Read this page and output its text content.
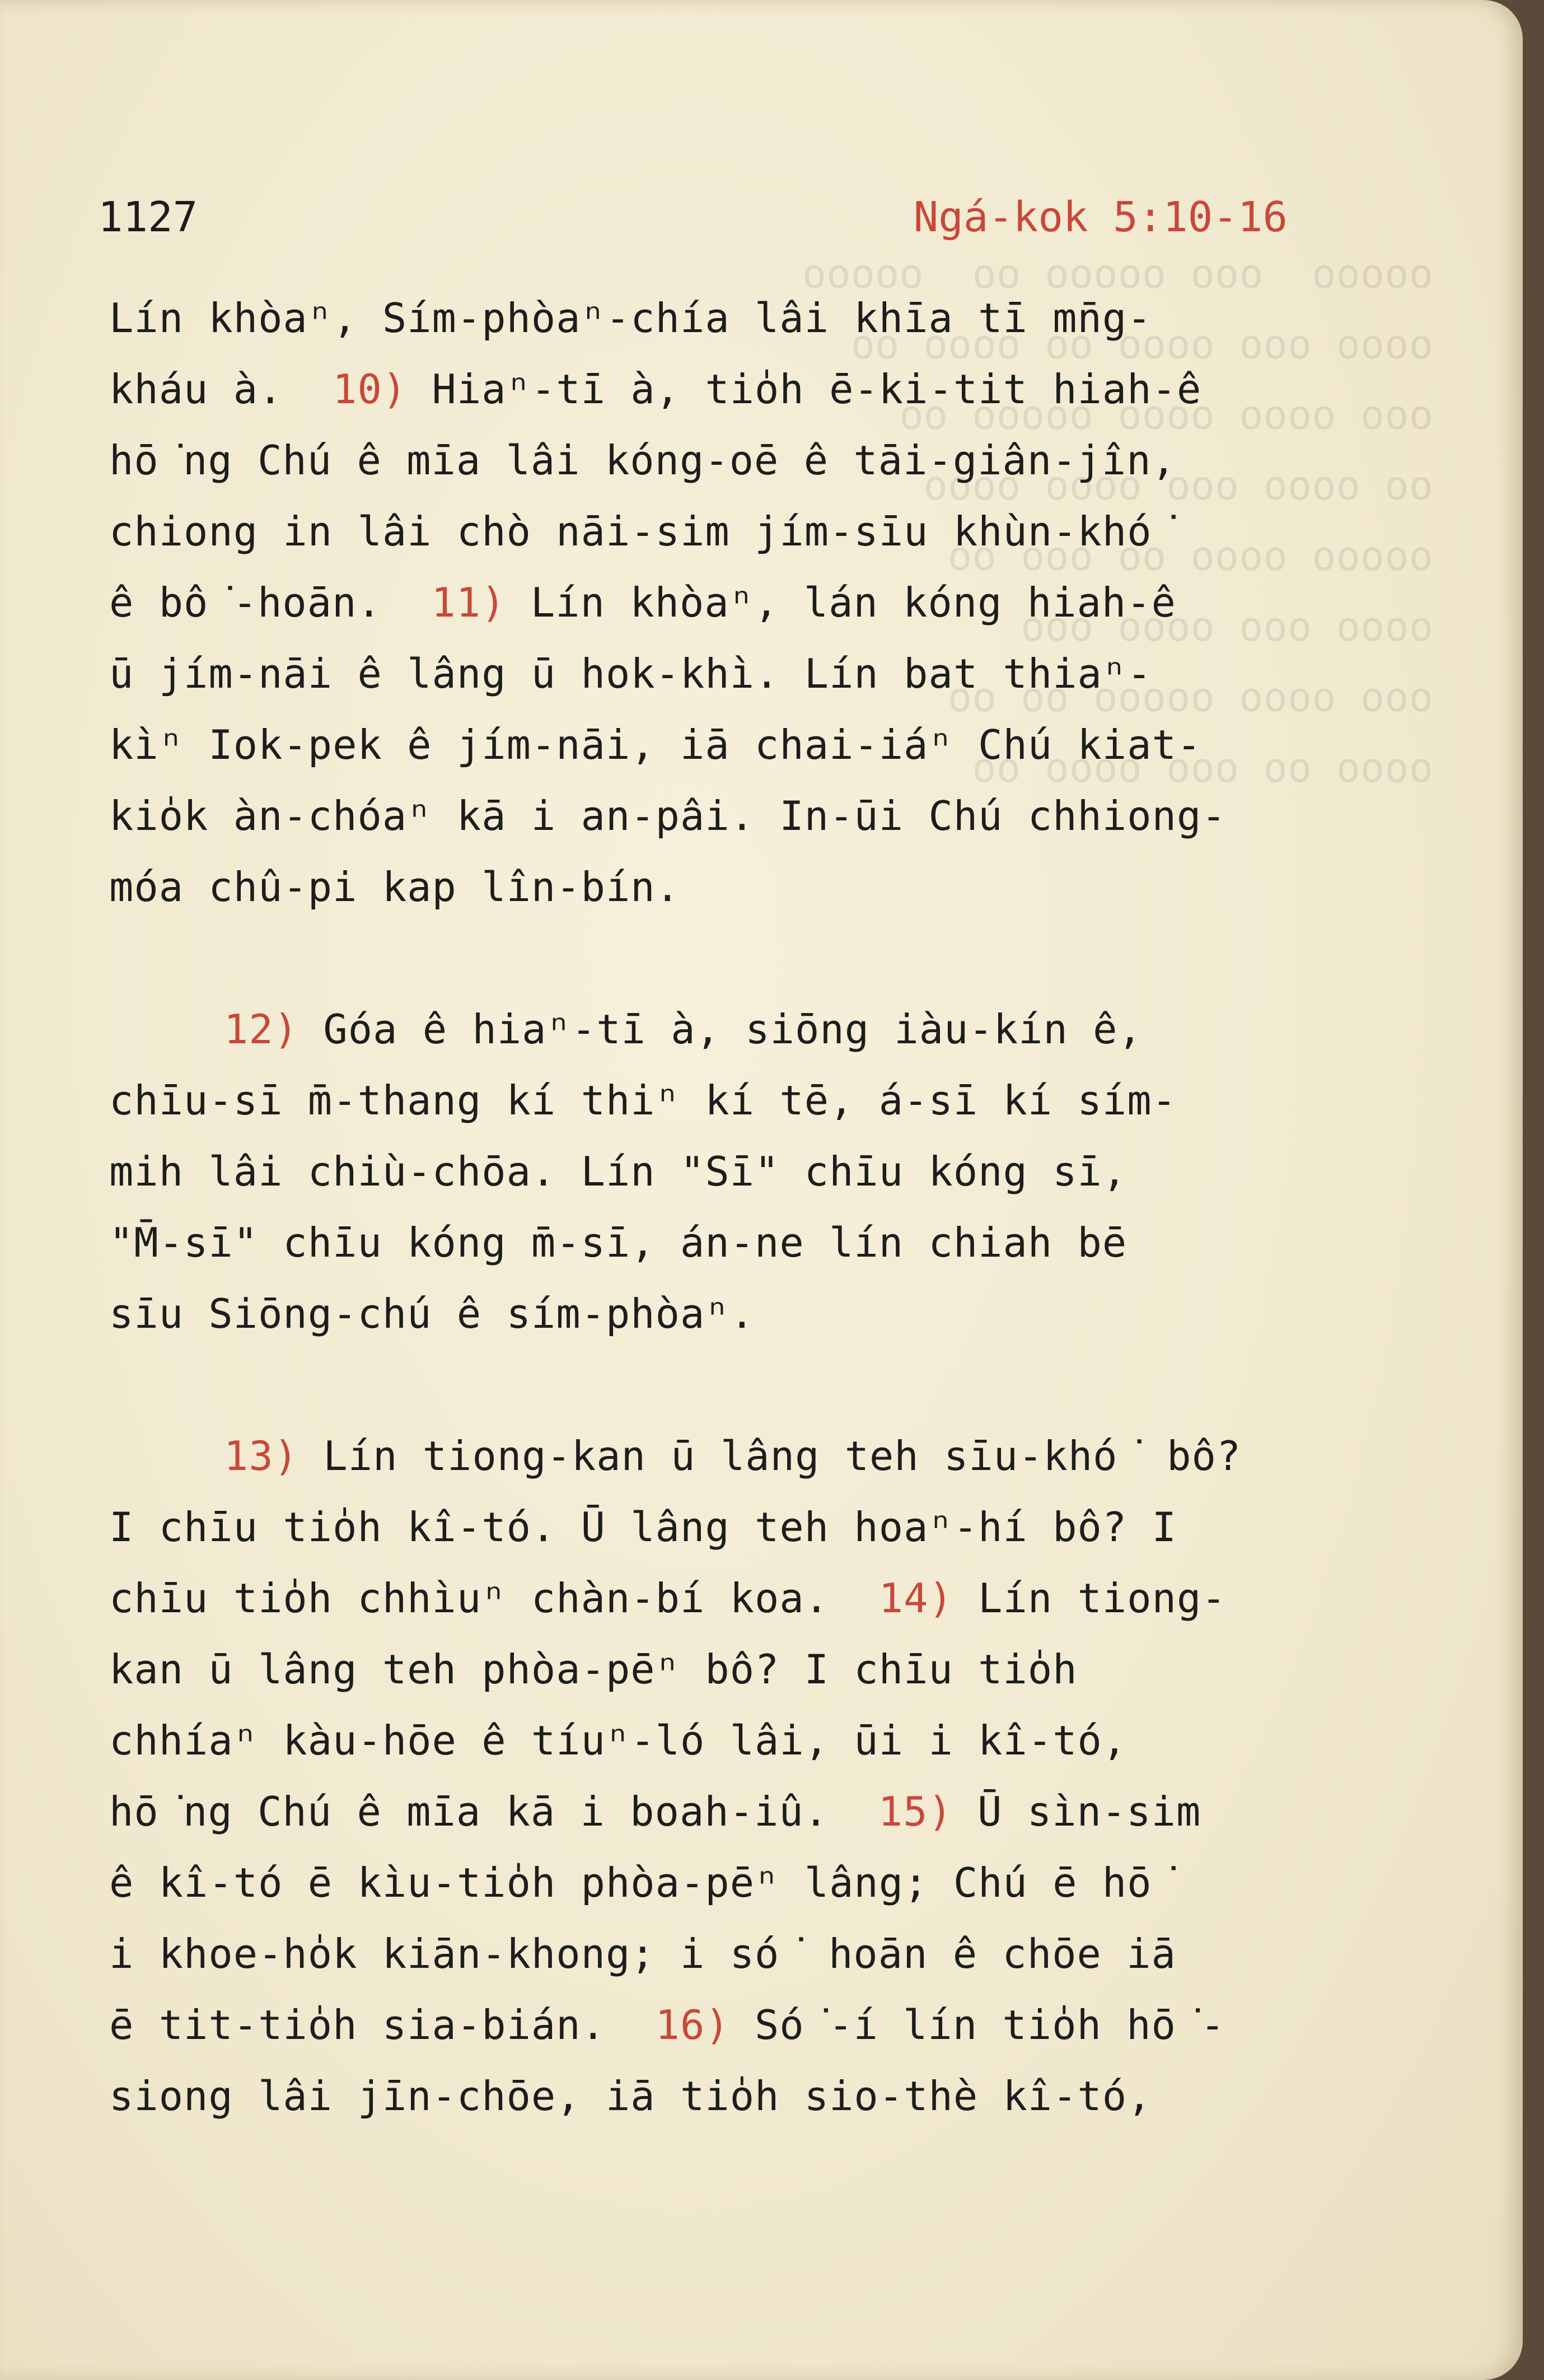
ooooo  ooo ooooo oo  ooooo
oooo ooo oooo oo oooo oo
ooo oooo oooo ooooo oo
oo oooo ooo oooo oooo
ooooo oooo oo ooo oo
oooo ooo oooo ooo
ooo oooo ooooo oo oo
oooo oo ooo oooo oo

1127	Ngá-kok 5:10-16
Lín khòaⁿ, Sím-phòaⁿ-chía lâi khīa tī mn̄g-
kháu à.  10) Hiaⁿ-tī à, tio̍h ē-ki-tit hiah-ê
hō͘ng Chú ê mīa lâi kóng-oē ê tāi-giân-jîn,
chiong in lâi chò nāi-sim jím-sīu khùn-khó͘
ê bô͘-hoān.  11) Lín khòaⁿ, lán kóng hiah-ê
ū jím-nāi ê lâng ū hok-khì. Lín bat thiaⁿ-
kìⁿ Iok-pek ê jím-nāi, iā chai-iáⁿ Chú kiat-
kio̍k àn-chóaⁿ kā i an-pâi. In-ūi Chú chhiong-
móa chû-pi kap lîn-bín.
12) Góa ê hiaⁿ-tī à, siōng iàu-kín ê,
chīu-sī m̄-thang kí thiⁿ kí tē, á-sī kí sím-
mih lâi chiù-chōa. Lín "Sī" chīu kóng sī,
"M̄-sī" chīu kóng m̄-sī, án-ne lín chiah bē
sīu Siōng-chú ê sím-phòaⁿ.
13) Lín tiong-kan ū lâng teh sīu-khó͘ bô?
I chīu tio̍h kî-tó. Ū lâng teh hoaⁿ-hí bô? I
chīu tio̍h chhìuⁿ chàn-bí koa.  14) Lín tiong-
kan ū lâng teh phòa-pēⁿ bô? I chīu tio̍h
chhíaⁿ kàu-hōe ê tíuⁿ-ló lâi, ūi i kî-tó,
hō͘ng Chú ê mīa kā i boah-iû.  15) Ū sìn-sim
ê kî-tó ē kìu-tio̍h phòa-pēⁿ lâng; Chú ē hō͘
i khoe-ho̍k kiān-khong; i só͘ hoān ê chōe iā
ē tit-tio̍h sia-bián.  16) Só͘-í lín tio̍h hō͘-
siong lâi jīn-chōe, iā tio̍h sio-thè kî-tó,
